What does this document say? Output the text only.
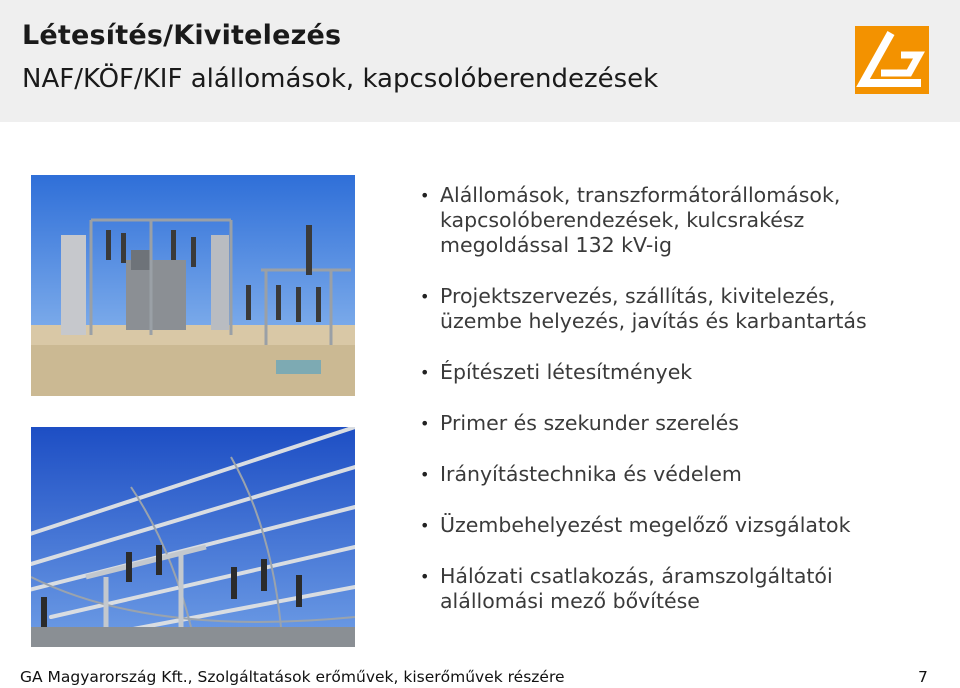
Létesítés/Kivitelezés
NAF/KÖF/KIF alállomások, kapcsolóberendezések
• Alállomások, transzformátorállomások,
kapcsolóberendezések, kulcsrakész
megoldással 132 kV-ig
• Projektszervezés, szállítás, kivitelezés,
üzembe helyezés, javítás és karbantartás
• Építészeti létesítmények
• Primer és szekunder szerelés
• Irányítástechnika és védelem
• Üzembehelyezést megelőző vizsgálatok
• Hálózati csatlakozás, áramszolgáltatói
alállomási mező bővítése
GA Magyarország Kft., Szolgáltatások erőművek, kiserőművek részére	7
